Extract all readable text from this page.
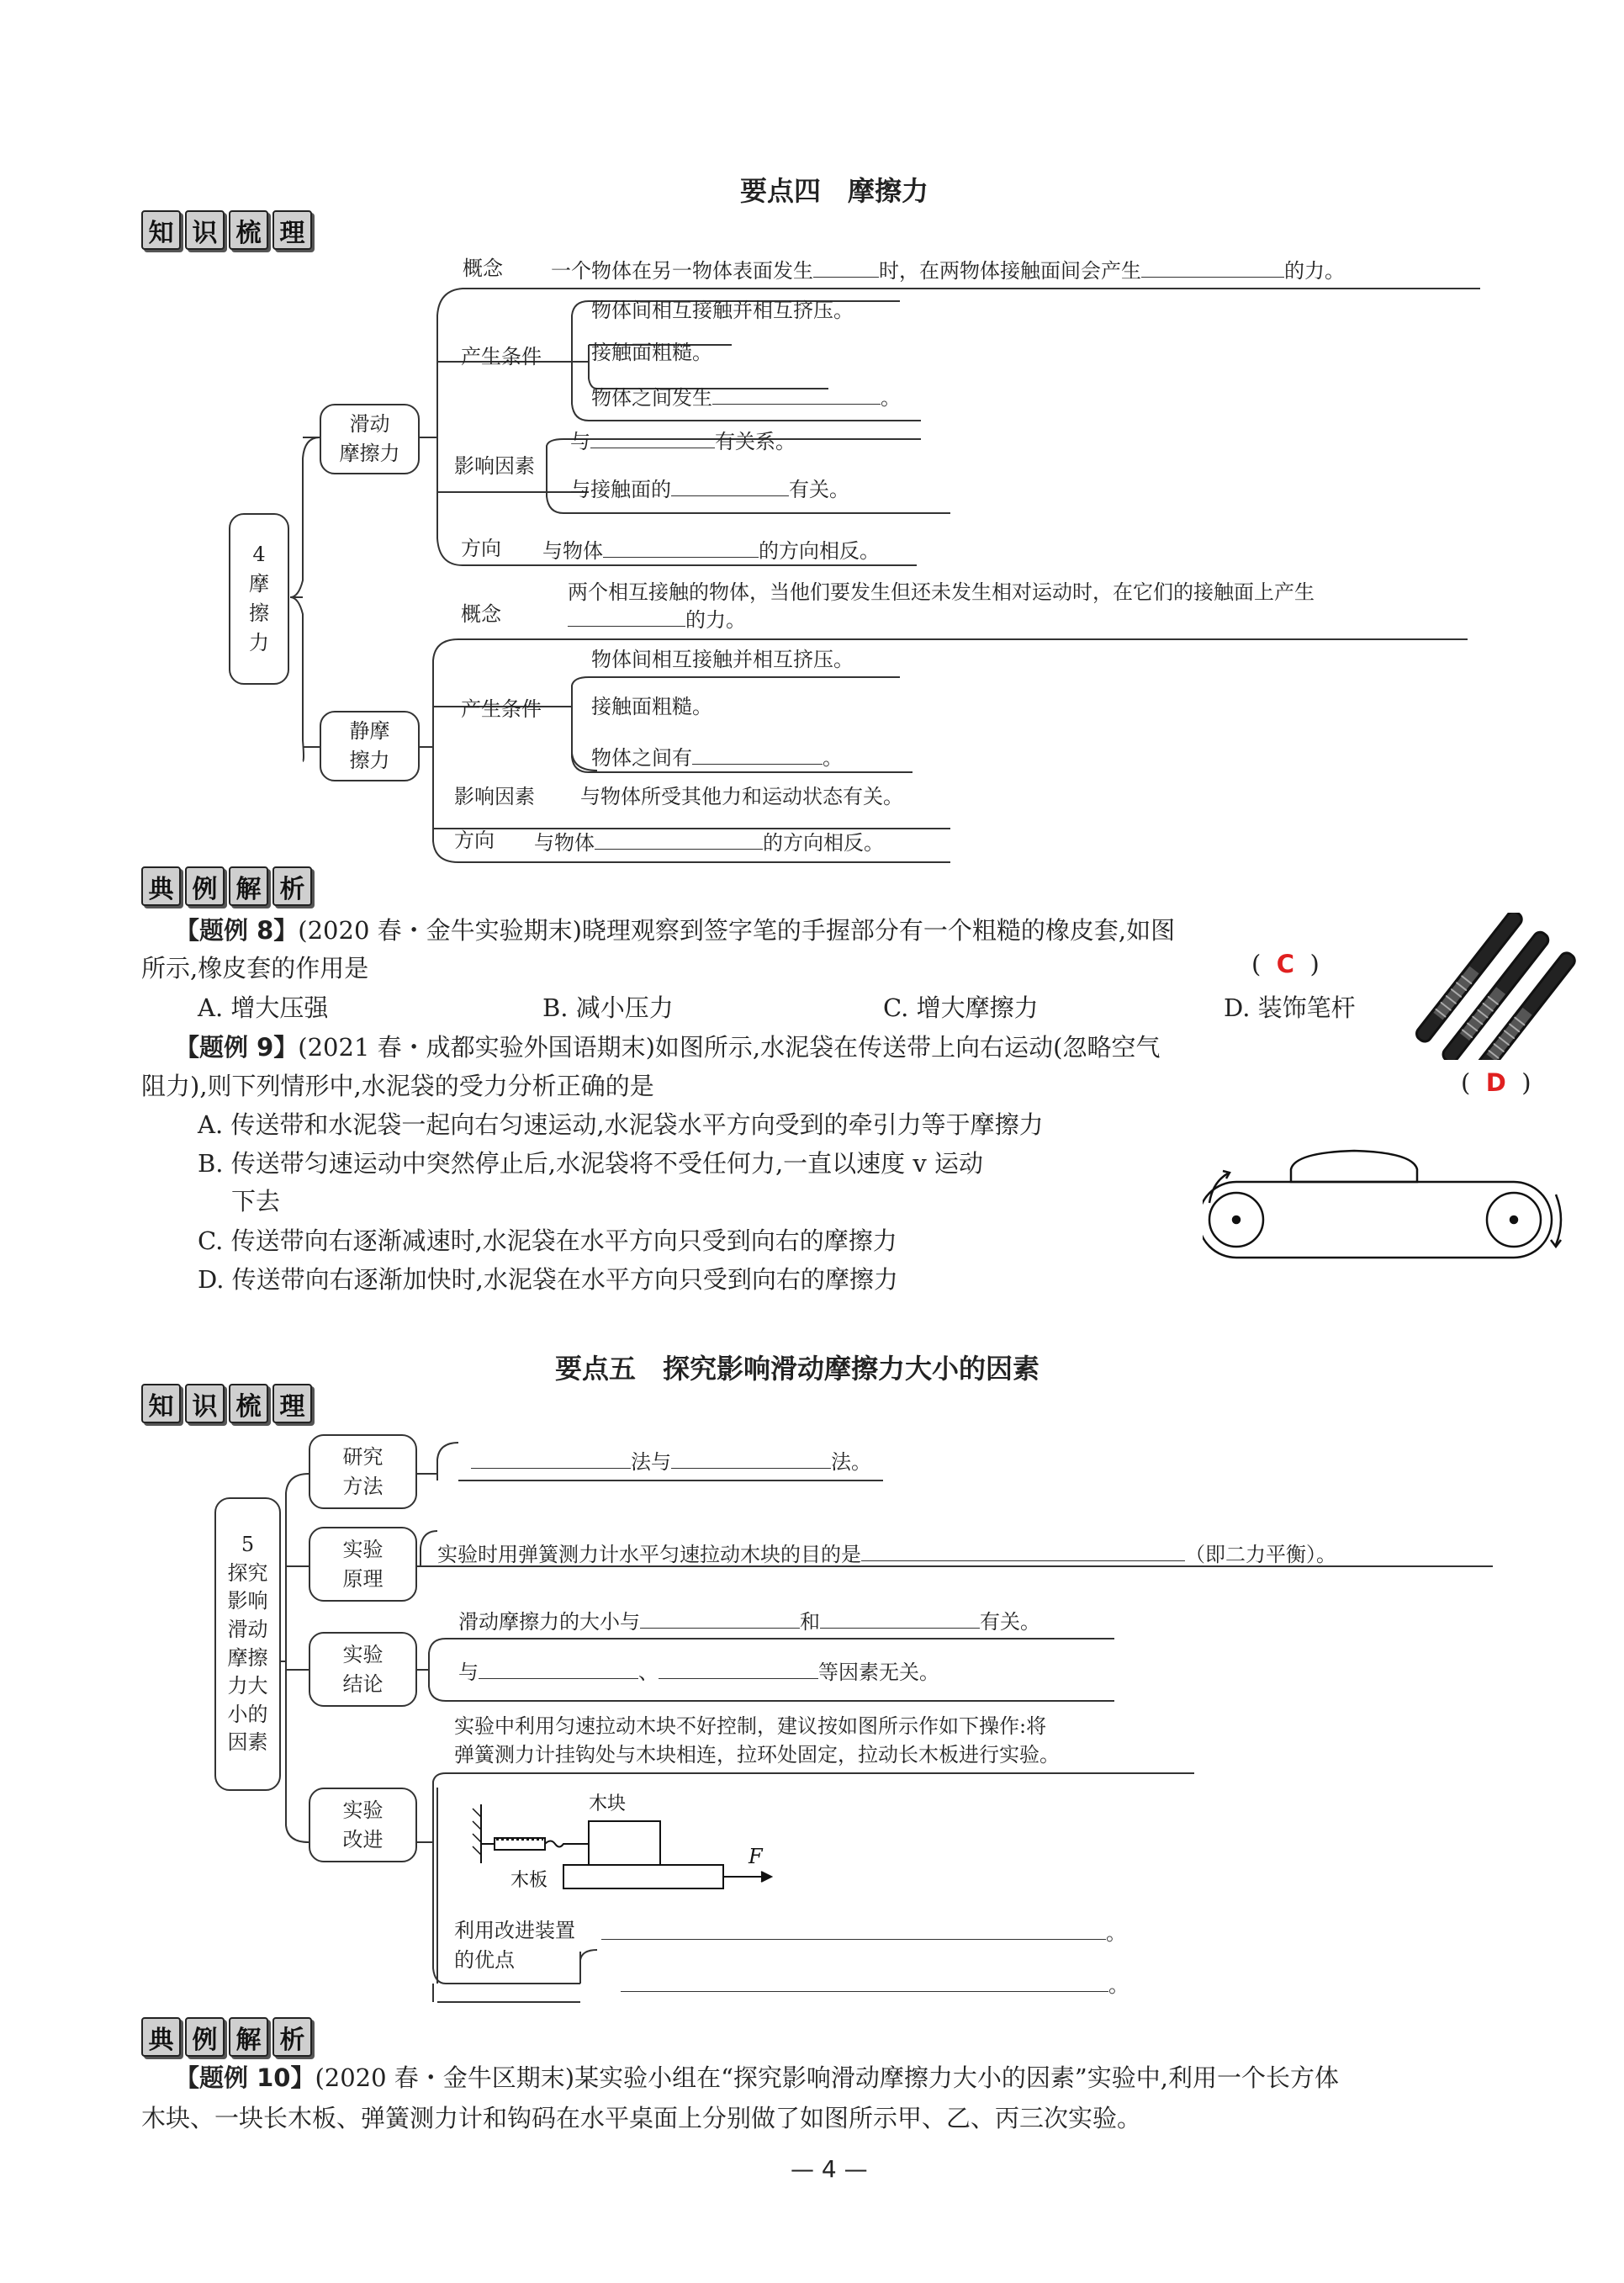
要点四　摩擦力
知 识 梳 理
4
摩
擦
力
滑动
摩擦力
静摩
擦力
概念 一个物体在另一物体表面发生	时，在两物体接触面间会产生	的力。
物体间相互接触并相互挤压。
产生条件 接触面粗糙。
物体之间发生	。
影响因素
与	有关系。
与接触面的	有关。
方向 与物体	的方向相反。
概念
两个相互接触的物体，当他们要发生但还未发生相对运动时，在它们的接触面上产生
的力。
物体间相互接触并相互挤压。
产生条件 接触面粗糙。
物体之间有	。
影响因素 与物体所受其他力和运动状态有关。
方向 与物体	的方向相反。
典 例 解 析
【题例 8】(2020 春・金牛实验期末)晓理观察到签字笔的手握部分有一个粗糙的橡皮套,如图
所示,橡皮套的作用是	(  C  )
A. 增大压强	B. 减小压力	C. 增大摩擦力	D. 装饰笔杆
【题例 9】(2021 春・成都实验外国语期末)如图所示,水泥袋在传送带上向右运动(忽略空气
阻力),则下列情形中,水泥袋的受力分析正确的是	(  D  )
A. 传送带和水泥袋一起向右匀速运动,水泥袋水平方向受到的牵引力等于摩擦力
B. 传送带匀速运动中突然停止后,水泥袋将不受任何力,一直以速度 v 运动
下去
C. 传送带向右逐渐减速时,水泥袋在水平方向只受到向右的摩擦力
D. 传送带向右逐渐加快时,水泥袋在水平方向只受到向右的摩擦力
要点五　探究影响滑动摩擦力大小的因素
知 识 梳 理
5
探究
影响
滑动
摩擦
力大
小的
因素
研究
方法
实验
原理
实验
结论
实验
改进
法与	法。
实验时用弹簧测力计水平匀速拉动木块的目的是	（即二力平衡）。
滑动摩擦力的大小与	和	有关。
与	、	等因素无关。
实验中利用匀速拉动木块不好控制，建议按如图所示作如下操作:将
弹簧测力计挂钩处与木块相连，拉环处固定，拉动长木板进行实验。
木块
木板
F
利用改进装置
的优点
。
。
典 例 解 析
【题例 10】(2020 春・金牛区期末)某实验小组在“探究影响滑动摩擦力大小的因素”实验中,利用一个长方体
木块、一块长木板、弹簧测力计和钩码在水平桌面上分别做了如图所示甲、乙、丙三次实验。
— 4 —
